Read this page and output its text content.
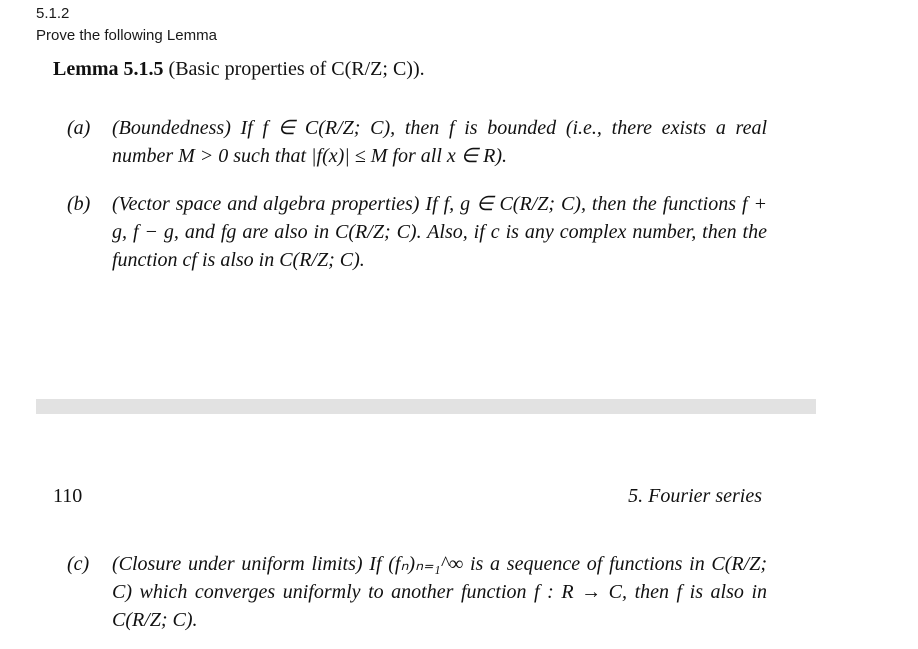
5.1.2
Prove the following Lemma
Lemma 5.1.5 (Basic properties of C(R/Z; C)).
(a) (Boundedness) If f ∈ C(R/Z; C), then f is bounded (i.e., there exists a real number M > 0 such that |f(x)| ≤ M for all x ∈ R).
(b) (Vector space and algebra properties) If f, g ∈ C(R/Z; C), then the functions f + g, f − g, and fg are also in C(R/Z; C). Also, if c is any complex number, then the function cf is also in C(R/Z; C).
110	5. Fourier series
(c) (Closure under uniform limits) If (fₙ)ₙ₌₁^∞ is a sequence of functions in C(R/Z; C) which converges uniformly to another function f : R → C, then f is also in C(R/Z; C).
